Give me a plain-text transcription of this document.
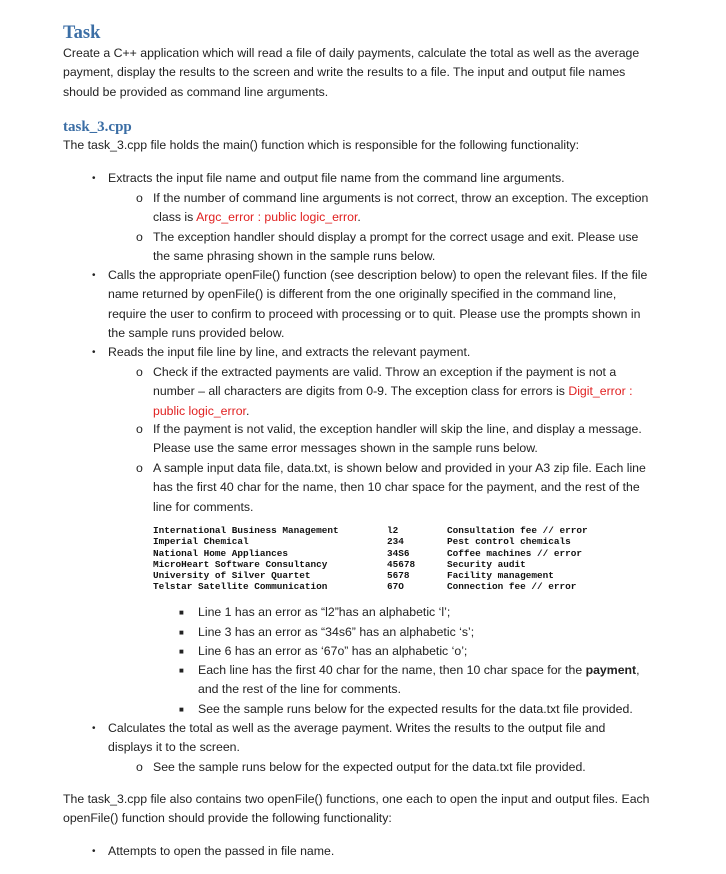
Task

Create a C++ application which will read a file of daily payments, calculate the total as well as the average
payment, display the results to the screen and write the results to a file. The input and output file names
should be provided as command line arguments.

task_3.cpp

The task_3.cpp file holds the main() function which is responsible for the following functionality:

• Extracts the input file name and output file name from the command line arguments.

o If the number of command line arguments is not correct, throw an exception. The exception
class is Argc_error : public logic_error.

o The exception handler should display a prompt for the correct usage and exit. Please use
the same phrasing shown in the sample runs below.

• Calls the appropriate openFile() function (see description below) to open the relevant files. If the file
name returned by openFile() is different from the one originally specified in the command line,
require the user to confirm to proceed with processing or to quit. Please use the prompts shown in
the sample runs provided below.

• Reads the input file line by line, and extracts the relevant payment.

o Check if the extracted payments are valid. Throw an exception if the payment is not a
number – all characters are digits from 0-9. The exception class for errors is Digit_error :
public logic_error.

o If the payment is not valid, the exception handler will skip the line, and display a message.
Please use the same error messages shown in the sample runs below.

o A sample input data file, data.txt, is shown below and provided in your A3 zip file. Each line
has the first 40 char for the name, then 10 char space for the payment, and the rest of the
line for comments.

International Business Management	l2	Consultation fee // error
Imperial Chemical	234	Pest control chemicals
National Home Appliances	34S6	Coffee machines // error
MicroHeart Software Consultancy	45678	Security audit
University of Silver Quartet	5678	Facility management
Telstar Satellite Communication	67O	Connection fee // error
■ Line 1 has an error as “l2”has an alphabetic ‘l’;

■ Line 3 has an error as “34s6” has an alphabetic ‘s’;

■ Line 6 has an error as ‘67o” has an alphabetic ‘o’;

■ Each line has the first 40 char for the name, then 10 char space for the payment,
and the rest of the line for comments.

■ See the sample runs below for the expected results for the data.txt file provided.

• Calculates the total as well as the average payment. Writes the results to the output file and
displays it to the screen.

o See the sample runs below for the expected output for the data.txt file provided.

The task_3.cpp file also contains two openFile() functions, one each to open the input and output files. Each
openFile() function should provide the following functionality:

• Attempts to open the passed in file name.
